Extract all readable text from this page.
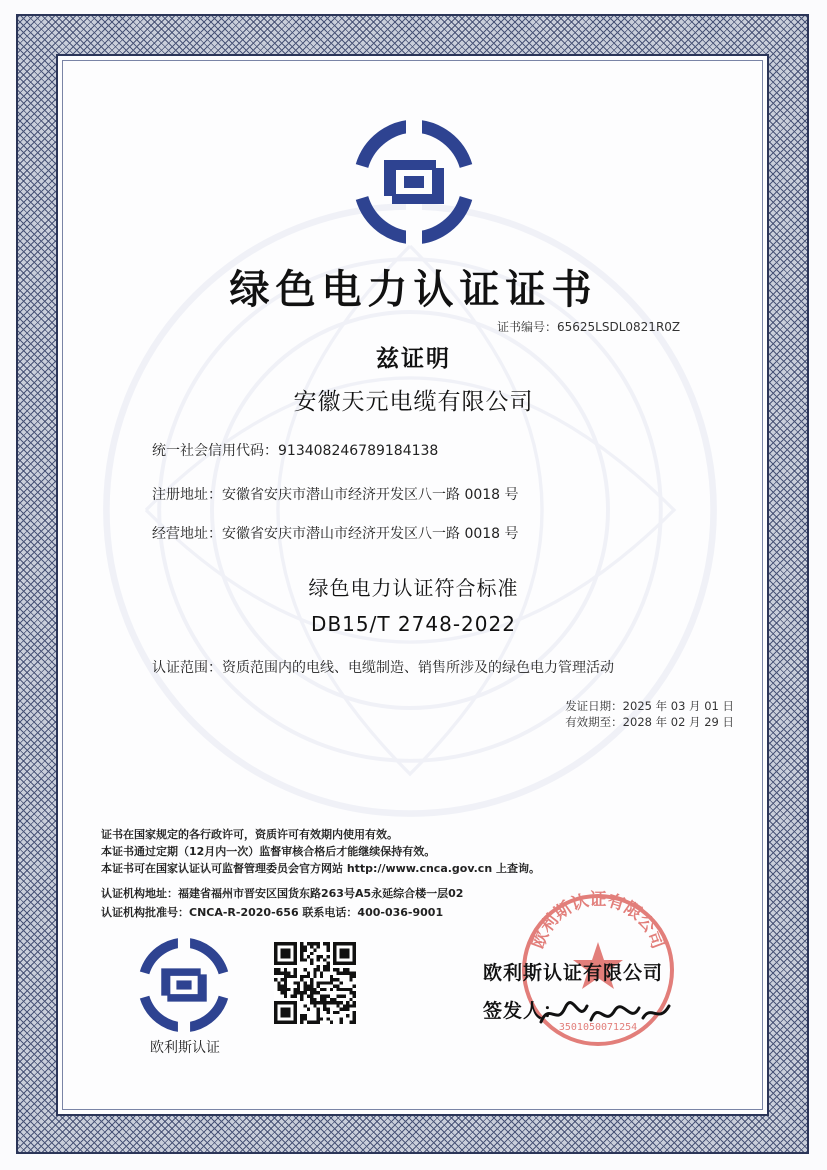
绿色电力认证证书
证书编号：65625LSDL0821R0Z
兹证明
安徽天元电缆有限公司
统一社会信用代码：913408246789184138
注册地址：安徽省安庆市潜山市经济开发区八一路 0018 号
经营地址：安徽省安庆市潜山市经济开发区八一路 0018 号
绿色电力认证符合标准
DB15/T 2748-2022
认证范围：资质范围内的电线、电缆制造、销售所涉及的绿色电力管理活动
发证日期：2025 年 03 月 01 日
有效期至：2028 年 02 月 29 日
证书在国家规定的各行政许可，资质许可有效期内使用有效。
本证书通过定期（12月内一次）监督审核合格后才能继续保持有效。
本证书可在国家认证认可监督管理委员会官方网站 http://www.cnca.gov.cn 上查询。
认证机构地址：福建省福州市晋安区国货东路263号A5永延综合楼一层02
认证机构批准号：CNCA-R-2020-656 联系电话：400-036-9001
欧利斯认证
欧利斯认证有限公司
3501050071254
欧利斯认证有限公司
签发人：
